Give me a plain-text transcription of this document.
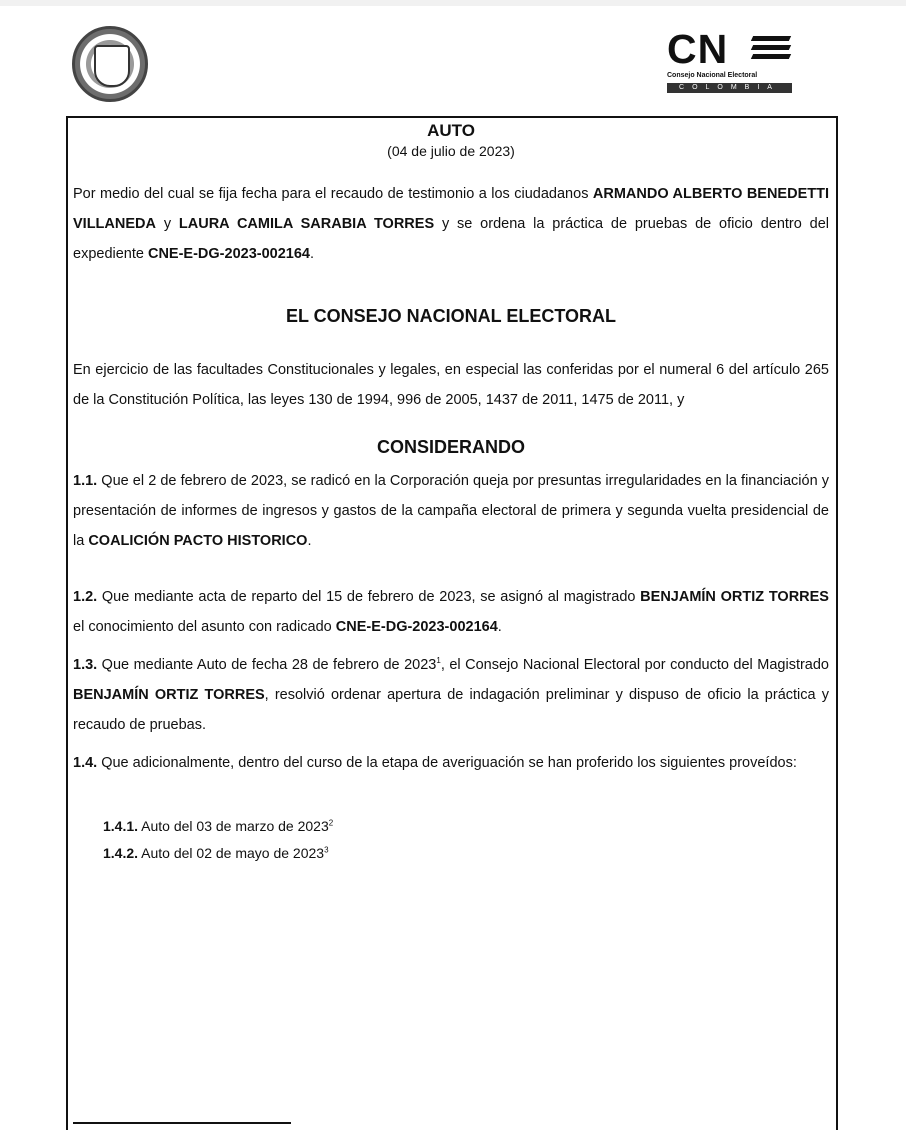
CN
Consejo Nacional Electoral
COLOMBIA
AUTO
(04 de julio de 2023)

Por medio del cual se fija fecha para el recaudo de testimonio a los ciudadanos ARMANDO ALBERTO BENEDETTI VILLANEDA y LAURA CAMILA SARABIA TORRES y se ordena la práctica de pruebas de oficio dentro del expediente CNE-E-DG-2023-002164.

EL CONSEJO NACIONAL ELECTORAL

En ejercicio de las facultades Constitucionales y legales, en especial las conferidas por el numeral 6 del artículo 265 de la Constitución Política, las leyes 130 de 1994, 996 de 2005, 1437 de 2011, 1475 de 2011, y

CONSIDERANDO

1.1. Que el 2 de febrero de 2023, se radicó en la Corporación queja por presuntas irregularidades en la financiación y presentación de informes de ingresos y gastos de la campaña electoral de primera y segunda vuelta presidencial de la COALICIÓN PACTO HISTORICO.

1.2. Que mediante acta de reparto del 15 de febrero de 2023, se asignó al magistrado BENJAMÍN ORTIZ TORRES el conocimiento del asunto con radicado CNE-E-DG-2023-002164.

1.3. Que mediante Auto de fecha 28 de febrero de 2023$^1$, el Consejo Nacional Electoral por conducto del Magistrado BENJAMÍN ORTIZ TORRES, resolvió ordenar apertura de indagación preliminar y dispuso de oficio la práctica y recaudo de pruebas.

1.4. Que adicionalmente, dentro del curso de la etapa de averiguación se han proferido los siguientes proveídos:

1.4.1. Auto del 03 de marzo de 2023$^2$

1.4.2. Auto del 02 de mayo de 2023$^3$
